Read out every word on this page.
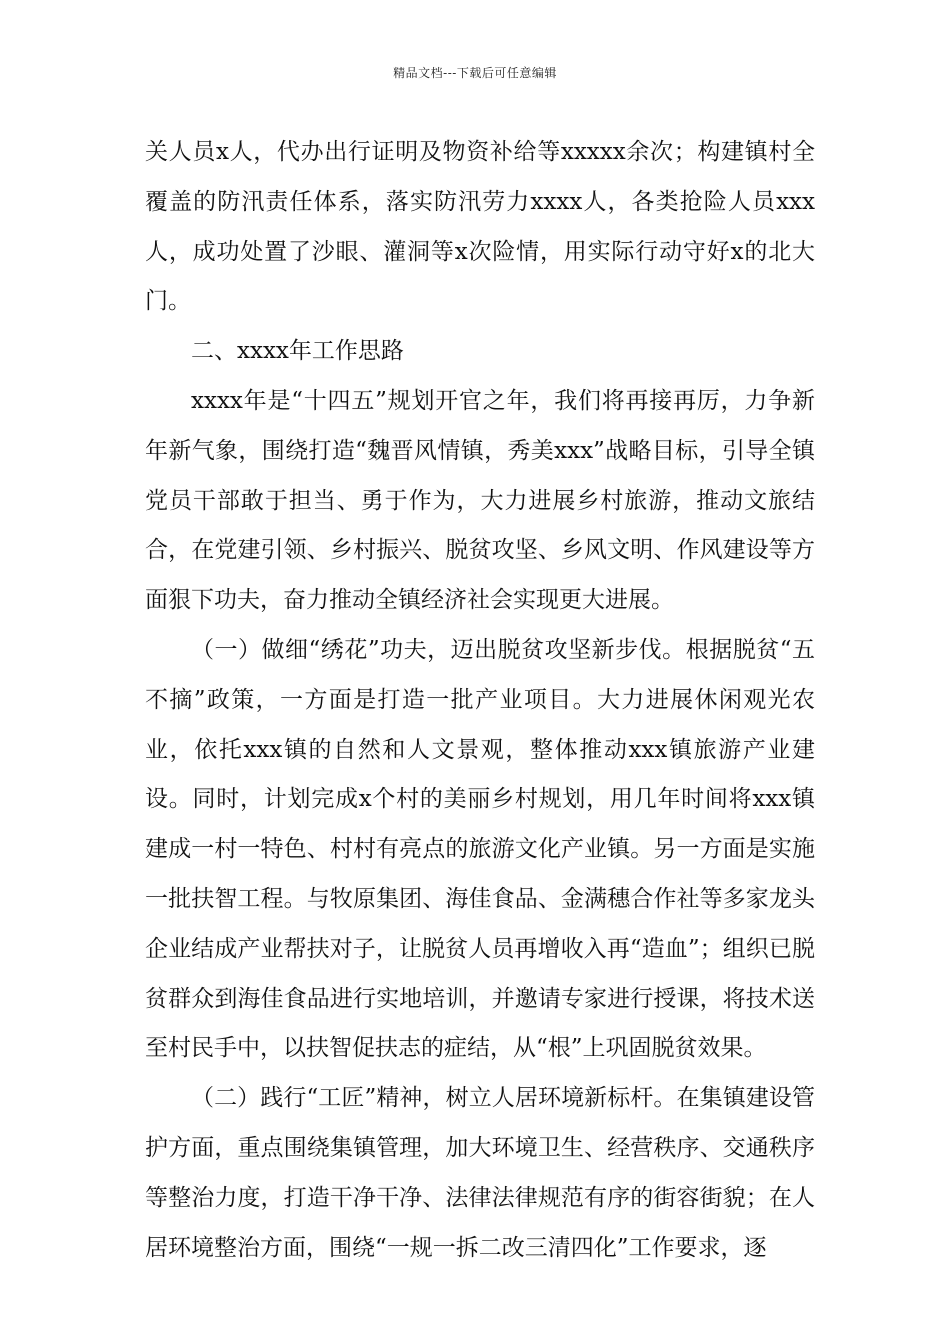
精品文档---下载后可任意编辑

关人员x人，代办出行证明及物资补给等xxxxx余次；构建镇村全覆盖的防汛责任体系，落实防汛劳力xxxx人，各类抢险人员xxx人，成功处置了沙眼、灌洞等x次险情，用实际行动守好x的北大门。

二、xxxx年工作思路

xxxx年是“十四五”规划开官之年，我们将再接再厉，力争新年新气象，围绕打造“魏晋风情镇，秀美xxx”战略目标，引导全镇党员干部敢于担当、勇于作为，大力进展乡村旅游，推动文旅结合，在党建引领、乡村振兴、脱贫攻坚、乡风文明、作风建设等方面狠下功夫，奋力推动全镇经济社会实现更大进展。

（一）做细“绣花”功夫，迈出脱贫攻坚新步伐。根据脱贫“五不摘”政策，一方面是打造一批产业项目。大力进展休闲观光农业，依托xxx镇的自然和人文景观，整体推动xxx镇旅游产业建设。同时，计划完成x个村的美丽乡村规划，用几年时间将xxx镇建成一村一特色、村村有亮点的旅游文化产业镇。另一方面是实施一批扶智工程。与牧原集团、海佳食品、金满穗合作社等多家龙头企业结成产业帮扶对子，让脱贫人员再增收入再“造血”；组织已脱贫群众到海佳食品进行实地培训，并邀请专家进行授课，将技术送至村民手中，以扶智促扶志的症结，从“根”上巩固脱贫效果。

（二）践行“工匠”精神，树立人居环境新标杆。在集镇建设管护方面，重点围绕集镇管理，加大环境卫生、经营秩序、交通秩序等整治力度，打造干净干净、法律法律规范有序的街容街貌；在人居环境整治方面，围绕“一规一拆二改三清四化”工作要求，逐
